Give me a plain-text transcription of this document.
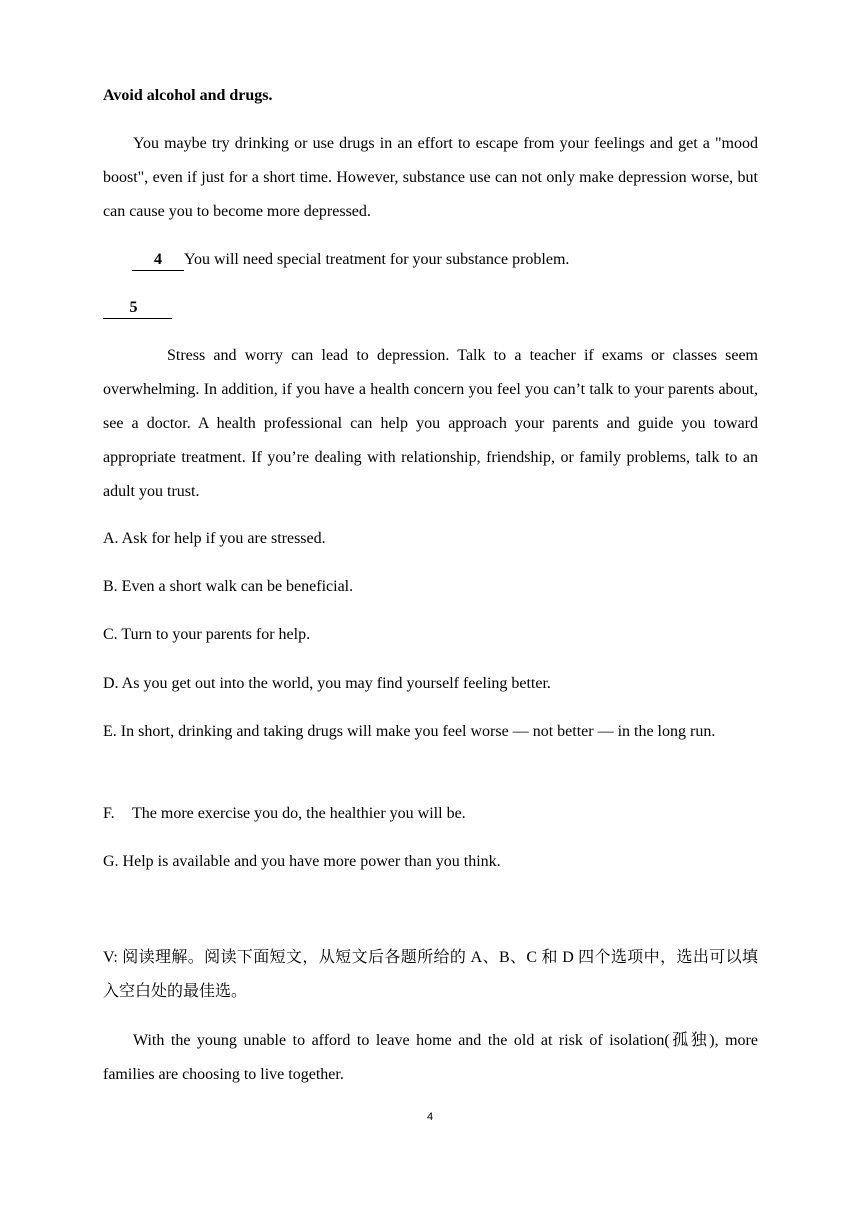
Avoid alcohol and drugs.
You maybe try drinking or use drugs in an effort to escape from your feelings and get a "mood boost", even if just for a short time. However, substance use can not only make depression worse, but can cause you to become more depressed.
4 You will need special treatment for your substance problem.
5
Stress and worry can lead to depression. Talk to a teacher if exams or classes seem overwhelming. In addition, if you have a health concern you feel you can’t talk to your parents about, see a doctor. A health professional can help you approach your parents and guide you toward appropriate treatment. If you’re dealing with relationship, friendship, or family problems, talk to an adult you trust.
A. Ask for help if you are stressed.
B. Even a short walk can be beneficial.
C. Turn to your parents for help.
D. As you get out into the world, you may find yourself feeling better.
E. In short, drinking and taking drugs will make you feel worse — not better — in the long run.
F. The more exercise you do, the healthier you will be.
G. Help is available and you have more power than you think.
V: 阅读理解。阅读下面短文，从短文后各题所给的 A、B、C 和 D 四个选项中，选出可以填入空白处的最佳选。
With the young unable to afford to leave home and the old at risk of isolation(孤独), more families are choosing to live together.
4
